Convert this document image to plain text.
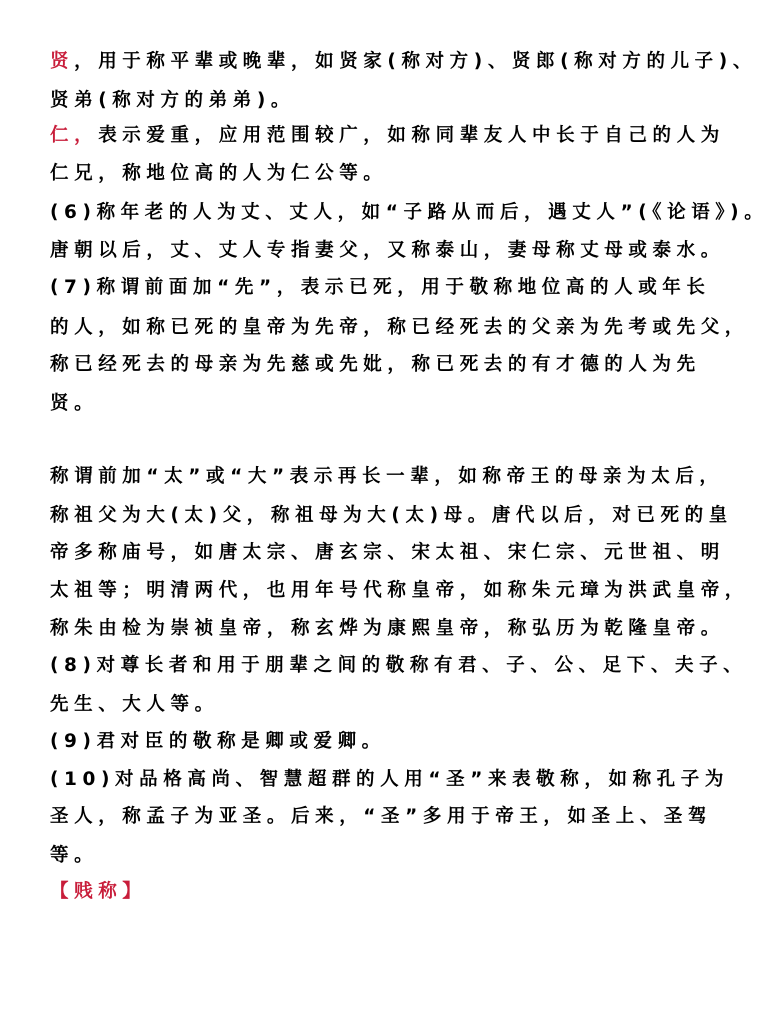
贤，用于称平辈或晚辈，如贤家(称对方)、贤郎(称对方的儿子)、
贤弟(称对方的弟弟)。
仁，表示爱重，应用范围较广，如称同辈友人中长于自己的人为
仁兄，称地位高的人为仁公等。
(6)称年老的人为丈、丈人，如“子路从而后，遇丈人”(《论语》)。
唐朝以后，丈、丈人专指妻父，又称泰山，妻母称丈母或泰水。
(7)称谓前面加“先”，表示已死，用于敬称地位高的人或年长
的人，如称已死的皇帝为先帝，称已经死去的父亲为先考或先父，
称已经死去的母亲为先慈或先妣，称已死去的有才德的人为先
贤。
称谓前加“太”或“大”表示再长一辈，如称帝王的母亲为太后，
称祖父为大(太)父，称祖母为大(太)母。唐代以后，对已死的皇
帝多称庙号，如唐太宗、唐玄宗、宋太祖、宋仁宗、元世祖、明
太祖等；明清两代，也用年号代称皇帝，如称朱元璋为洪武皇帝，
称朱由检为崇祯皇帝，称玄烨为康熙皇帝，称弘历为乾隆皇帝。
(8)对尊长者和用于朋辈之间的敬称有君、子、公、足下、夫子、
先生、大人等。
(9)君对臣的敬称是卿或爱卿。
(10)对品格高尚、智慧超群的人用“圣”来表敬称，如称孔子为
圣人，称孟子为亚圣。后来，“圣”多用于帝王，如圣上、圣驾
等。
【贱称】
